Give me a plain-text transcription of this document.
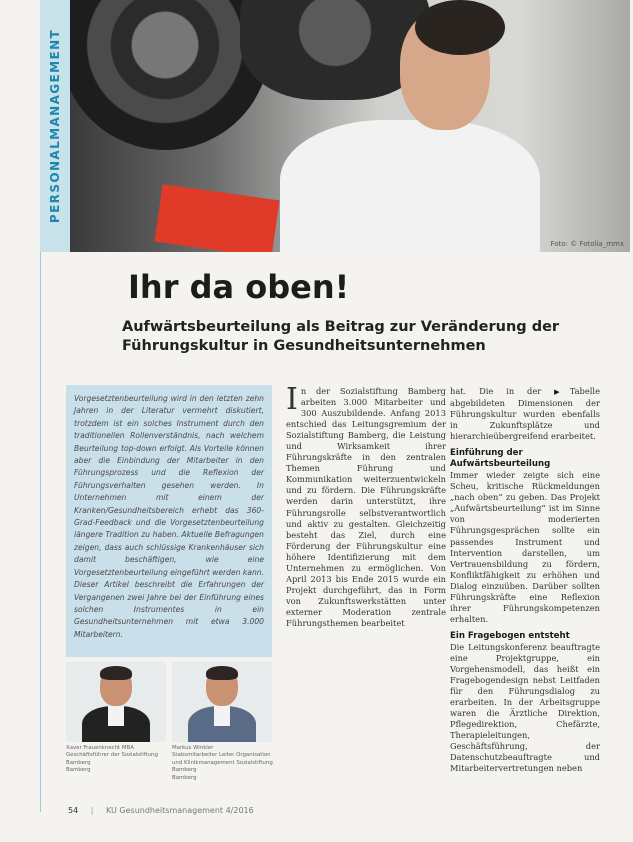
PERSONALMANAGEMENT
Foto: © Fotolia_mmx
Ihr da oben!
Aufwärtsbeurteilung als Beitrag zur Veränderung der Führungskultur in Gesundheitsunternehmen

Vorgesetztenbeurteilung wird in den letzten zehn Jahren in der Literatur vermehrt diskutiert, trotzdem ist ein solches Instrument durch den traditionellen Rollenverständnis, nach welchem Beurteilung top-down erfolgt. Als Vorteile können aber die Einbindung der Mitarbeiter in den Führungsprozess und die Reflexion der Führungsverhalten gesehen werden. In Unternehmen mit einem der Kranken/Gesundheitsbereich erhebt das 360-Grad-Feedback und die Vorgesetztenbeurteilung längere Tradition zu haben. Aktuelle Befragungen zeigen, dass auch schlüssige Krankenhäuser sich damit beschäftigen, wie eine Vorgesetztenbeurteilung eingeführt werden kann. Dieser Artikel beschreibt die Erfahrungen der Vergangenen zwei Jahre bei der Einführung eines solchen Instrumentes in ein Gesundheitsunternehmen mit etwa 3.000 Mitarbeitern.

Xaver Frauenknecht MBA
Geschäftsführer der Sozialstiftung Bamberg
Bamberg

Markus Winkler
Stabsmitarbeiter Leiter Organisation und Klinikmanagement Sozialstiftung Bamberg
Bamberg

In der Sozialstiftung Bamberg arbeiten 3.000 Mitarbeiter und 300 Auszubildende. Anfang 2013 entschied das Leitungsgremium der Sozialstiftung Bamberg, die Leistung und Wirksamkeit ihrer Führungskräfte in den zentralen Themen Führung und Kommunikation weiterzuentwickeln und zu fördern. Die Führungskräfte werden darin unterstützt, ihre Führungsrolle selbstverantwortlich und aktiv zu gestalten. Gleichzeitig besteht das Ziel, durch eine Förderung der Führungskultur eine höhere Identifizierung mit dem Unternehmen zu ermöglichen. Von April 2013 bis Ende 2015 wurde ein Projekt durchgeführt, das in Form von Zukunftswerkstätten unter externer Moderation zentrale Führungsthemen bearbeitet

hat. Die in der ▶Tabelle abgebildeten Dimensionen der Führungskultur wurden ebenfalls in Zukunftsplätze und hierarchieübergreifend erarbeitet.

Einführung der Aufwärtsbeurteilung

Immer wieder zeigte sich eine Scheu, kritische Rückmeldungen „nach oben“ zu geben. Das Projekt „Aufwärtsbeurteilung“ ist im Sinne von moderierten Führungsgesprächen sollte ein passendes Instrument und Intervention darstellen, um Vertrauensbildung zu fördern, Konfliktfähigkeit zu erhöhen und Dialog einzuüben. Darüber sollten Führungskräfte eine Reflexion ihrer Führungskompetenzen erhalten.

Ein Fragebogen entsteht

Die Leitungskonferenz beauftragte eine Projektgruppe, ein Vorgehensmodell, das heißt ein Fragebogendesign nebst Leitfaden für den Führungsdialog zu erarbeiten. In der Arbeitsgruppe waren die Ärztliche Direktion, Pflegedirektion, Chefärzte, Therapieleitungen, Geschäftsführung, der Datenschutzbeauftragte und Mitarbeitervertretungen neben

54 | KU Gesundheitsmanagement 4/2016
